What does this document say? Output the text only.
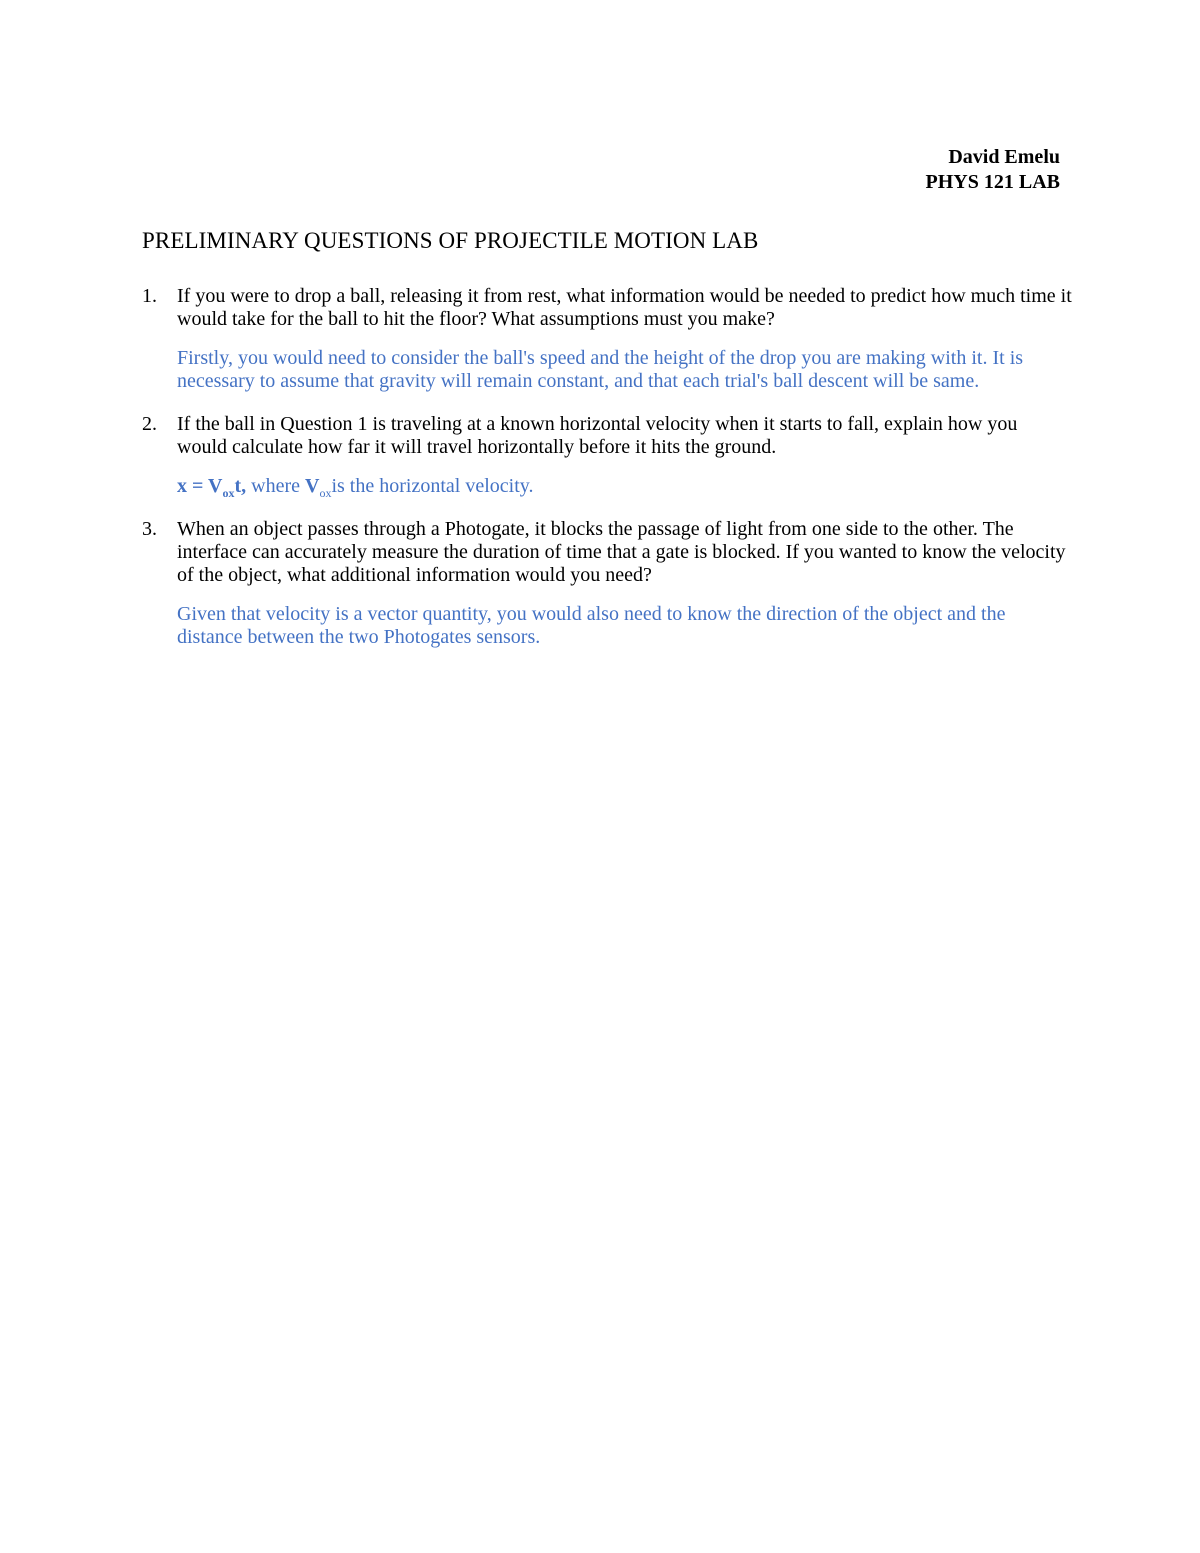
David Emelu
PHYS 121 LAB
PRELIMINARY QUESTIONS OF PROJECTILE MOTION LAB
1. If you were to drop a ball, releasing it from rest, what information would be needed to predict how much time it would take for the ball to hit the floor? What assumptions must you make?

Firstly, you would need to consider the ball's speed and the height of the drop you are making with it. It is necessary to assume that gravity will remain constant, and that each trial's ball descent will be same.

2. If the ball in Question 1 is traveling at a known horizontal velocity when it starts to fall, explain how you would calculate how far it will travel horizontally before it hits the ground.

$x = V_{ox}t$, where $V_{ox}is$ the horizontal velocity.

3. When an object passes through a Photogate, it blocks the passage of light from one side to the other. The interface can accurately measure the duration of time that a gate is blocked. If you wanted to know the velocity of the object, what additional information would you need?

Given that velocity is a vector quantity, you would also need to know the direction of the object and the distance between the two Photogates sensors.
